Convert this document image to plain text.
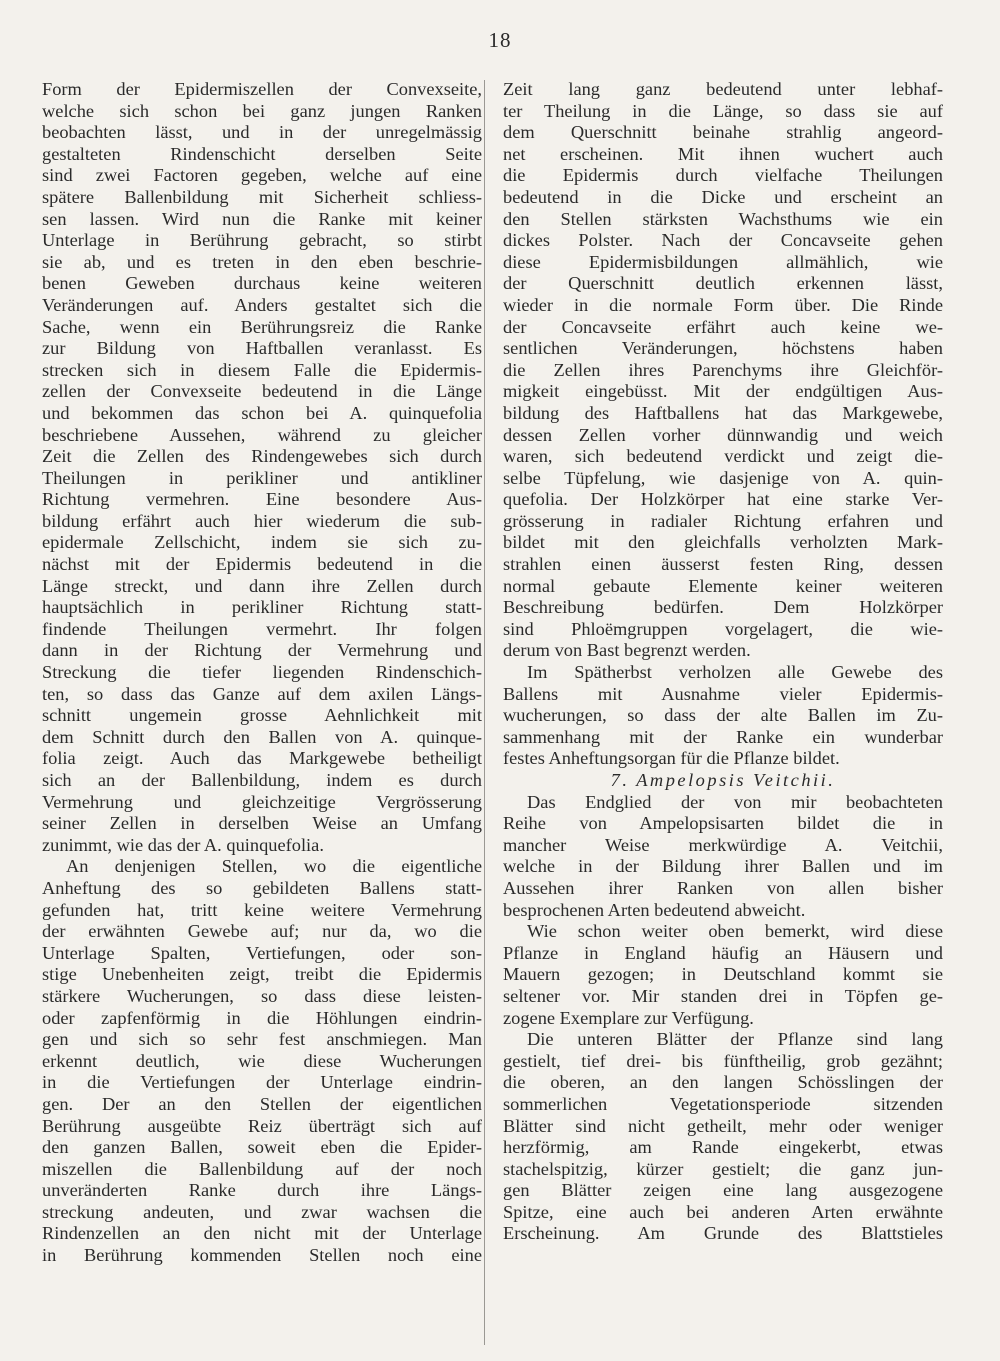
18
Form der Epidermiszellen der Convexseite,
welche sich schon bei ganz jungen Ranken
beobachten lässt, und in der unregelmässig
gestalteten Rindenschicht derselben Seite
sind zwei Factoren gegeben, welche auf eine
spätere Ballenbildung mit Sicherheit schliess-
sen lassen. Wird nun die Ranke mit keiner
Unterlage in Berührung gebracht, so stirbt
sie ab, und es treten in den eben beschrie-
benen Geweben durchaus keine weiteren
Veränderungen auf. Anders gestaltet sich die
Sache, wenn ein Berührungsreiz die Ranke
zur Bildung von Haftballen veranlasst. Es
strecken sich in diesem Falle die Epidermis-
zellen der Convexseite bedeutend in die Länge
und bekommen das schon bei A. quinquefolia
beschriebene Aussehen, während zu gleicher
Zeit die Zellen des Rindengewebes sich durch
Theilungen in perikliner und antikliner
Richtung vermehren. Eine besondere Aus-
bildung erfährt auch hier wiederum die sub-
epidermale Zellschicht, indem sie sich zu-
nächst mit der Epidermis bedeutend in die
Länge streckt, und dann ihre Zellen durch
hauptsächlich in perikliner Richtung statt-
findende Theilungen vermehrt. Ihr folgen
dann in der Richtung der Vermehrung und
Streckung die tiefer liegenden Rindenschich-
ten, so dass das Ganze auf dem axilen Längs-
schnitt ungemein grosse Aehnlichkeit mit
dem Schnitt durch den Ballen von A. quinque-
folia zeigt. Auch das Markgewebe betheiligt
sich an der Ballenbildung, indem es durch
Vermehrung und gleichzeitige Vergrösserung
seiner Zellen in derselben Weise an Umfang
zunimmt, wie das der A. quinquefolia.
An denjenigen Stellen, wo die eigentliche
Anheftung des so gebildeten Ballens statt-
gefunden hat, tritt keine weitere Vermehrung
der erwähnten Gewebe auf; nur da, wo die
Unterlage Spalten, Vertiefungen, oder son-
stige Unebenheiten zeigt, treibt die Epidermis
stärkere Wucherungen, so dass diese leisten-
oder zapfenförmig in die Höhlungen eindrin-
gen und sich so sehr fest anschmiegen. Man
erkennt deutlich, wie diese Wucherungen
in die Vertiefungen der Unterlage eindrin-
gen. Der an den Stellen der eigentlichen
Berührung ausgeübte Reiz überträgt sich auf
den ganzen Ballen, soweit eben die Epider-
miszellen die Ballenbildung auf der noch
unveränderten Ranke durch ihre Längs-
streckung andeuten, und zwar wachsen die
Rindenzellen an den nicht mit der Unterlage
in Berührung kommenden Stellen noch eine
Zeit lang ganz bedeutend unter lebhaf-
ter Theilung in die Länge, so dass sie auf
dem Querschnitt beinahe strahlig angeord-
net erscheinen. Mit ihnen wuchert auch
die Epidermis durch vielfache Theilungen
bedeutend in die Dicke und erscheint an
den Stellen stärksten Wachsthums wie ein
dickes Polster. Nach der Concavseite gehen
diese Epidermisbildungen allmählich, wie
der Querschnitt deutlich erkennen lässt,
wieder in die normale Form über. Die Rinde
der Concavseite erfährt auch keine we-
sentlichen Veränderungen, höchstens haben
die Zellen ihres Parenchyms ihre Gleichför-
migkeit eingebüsst. Mit der endgültigen Aus-
bildung des Haftballens hat das Markgewebe,
dessen Zellen vorher dünnwandig und weich
waren, sich bedeutend verdickt und zeigt die-
selbe Tüpfelung, wie dasjenige von A. quin-
quefolia. Der Holzkörper hat eine starke Ver-
grösserung in radialer Richtung erfahren und
bildet mit den gleichfalls verholzten Mark-
strahlen einen äusserst festen Ring, dessen
normal gebaute Elemente keiner weiteren
Beschreibung bedürfen. Dem Holzkörper
sind Phloëmgruppen vorgelagert, die wie-
derum von Bast begrenzt werden.
Im Spätherbst verholzen alle Gewebe des
Ballens mit Ausnahme vieler Epidermis-
wucherungen, so dass der alte Ballen im Zu-
sammenhang mit der Ranke ein wunderbar
festes Anheftungsorgan für die Pflanze bildet.
7. Ampelopsis Veitchii.
Das Endglied der von mir beobachteten
Reihe von Ampelopsisarten bildet die in
mancher Weise merkwürdige A. Veitchii,
welche in der Bildung ihrer Ballen und im
Aussehen ihrer Ranken von allen bisher
besprochenen Arten bedeutend abweicht.
Wie schon weiter oben bemerkt, wird diese
Pflanze in England häufig an Häusern und
Mauern gezogen; in Deutschland kommt sie
seltener vor. Mir standen drei in Töpfen ge-
zogene Exemplare zur Verfügung.
Die unteren Blätter der Pflanze sind lang
gestielt, tief drei- bis fünftheilig, grob gezähnt;
die oberen, an den langen Schösslingen der
sommerlichen Vegetationsperiode sitzenden
Blätter sind nicht getheilt, mehr oder weniger
herzförmig, am Rande eingekerbt, etwas
stachelspitzig, kürzer gestielt; die ganz jun-
gen Blätter zeigen eine lang ausgezogene
Spitze, eine auch bei anderen Arten erwähnte
Erscheinung. Am Grunde des Blattstieles
